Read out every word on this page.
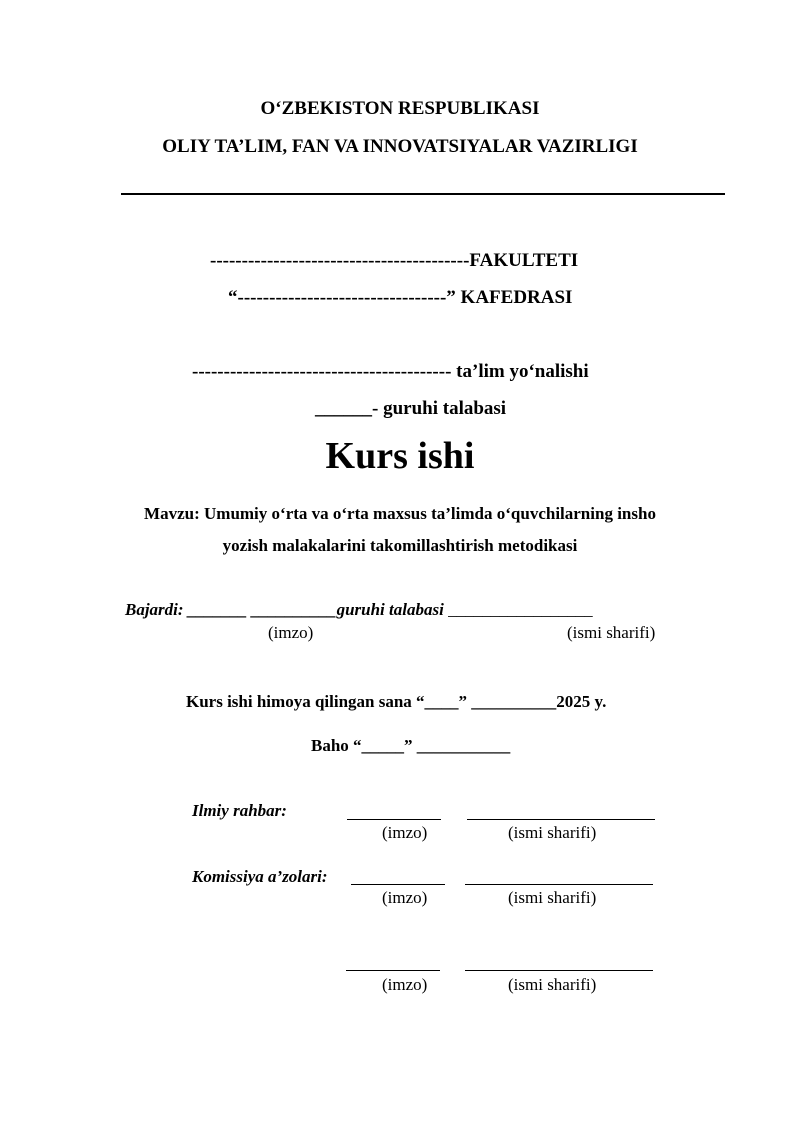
O‘ZBEKISTON RESPUBLIKASI
OLIY TA’LIM, FAN VA INNOVATSIYALAR VAZIRLIGI
-----------------------------------------FAKULTETI
“---------------------------------” KAFEDRASI
----------------------------------------- ta’lim yo‘nalishi
______- guruhi talabasi
Kurs ishi
Mavzu: Umumiy o‘rta va o‘rta maxsus ta’limda o‘quvchilarning insho
yozish malakalarini takomillashtirish metodikasi
Bajardi: _______ __________guruhi talabasi _________________
(imzo)	(ismi sharifi)
Kurs ishi himoya qilingan sana “____” __________2025 y.
Baho “_____” ___________
Ilmiy rahbar:
(imzo)	(ismi sharifi)
Komissiya a’zolari:
(imzo)	(ismi sharifi)
(imzo)	(ismi sharifi)
